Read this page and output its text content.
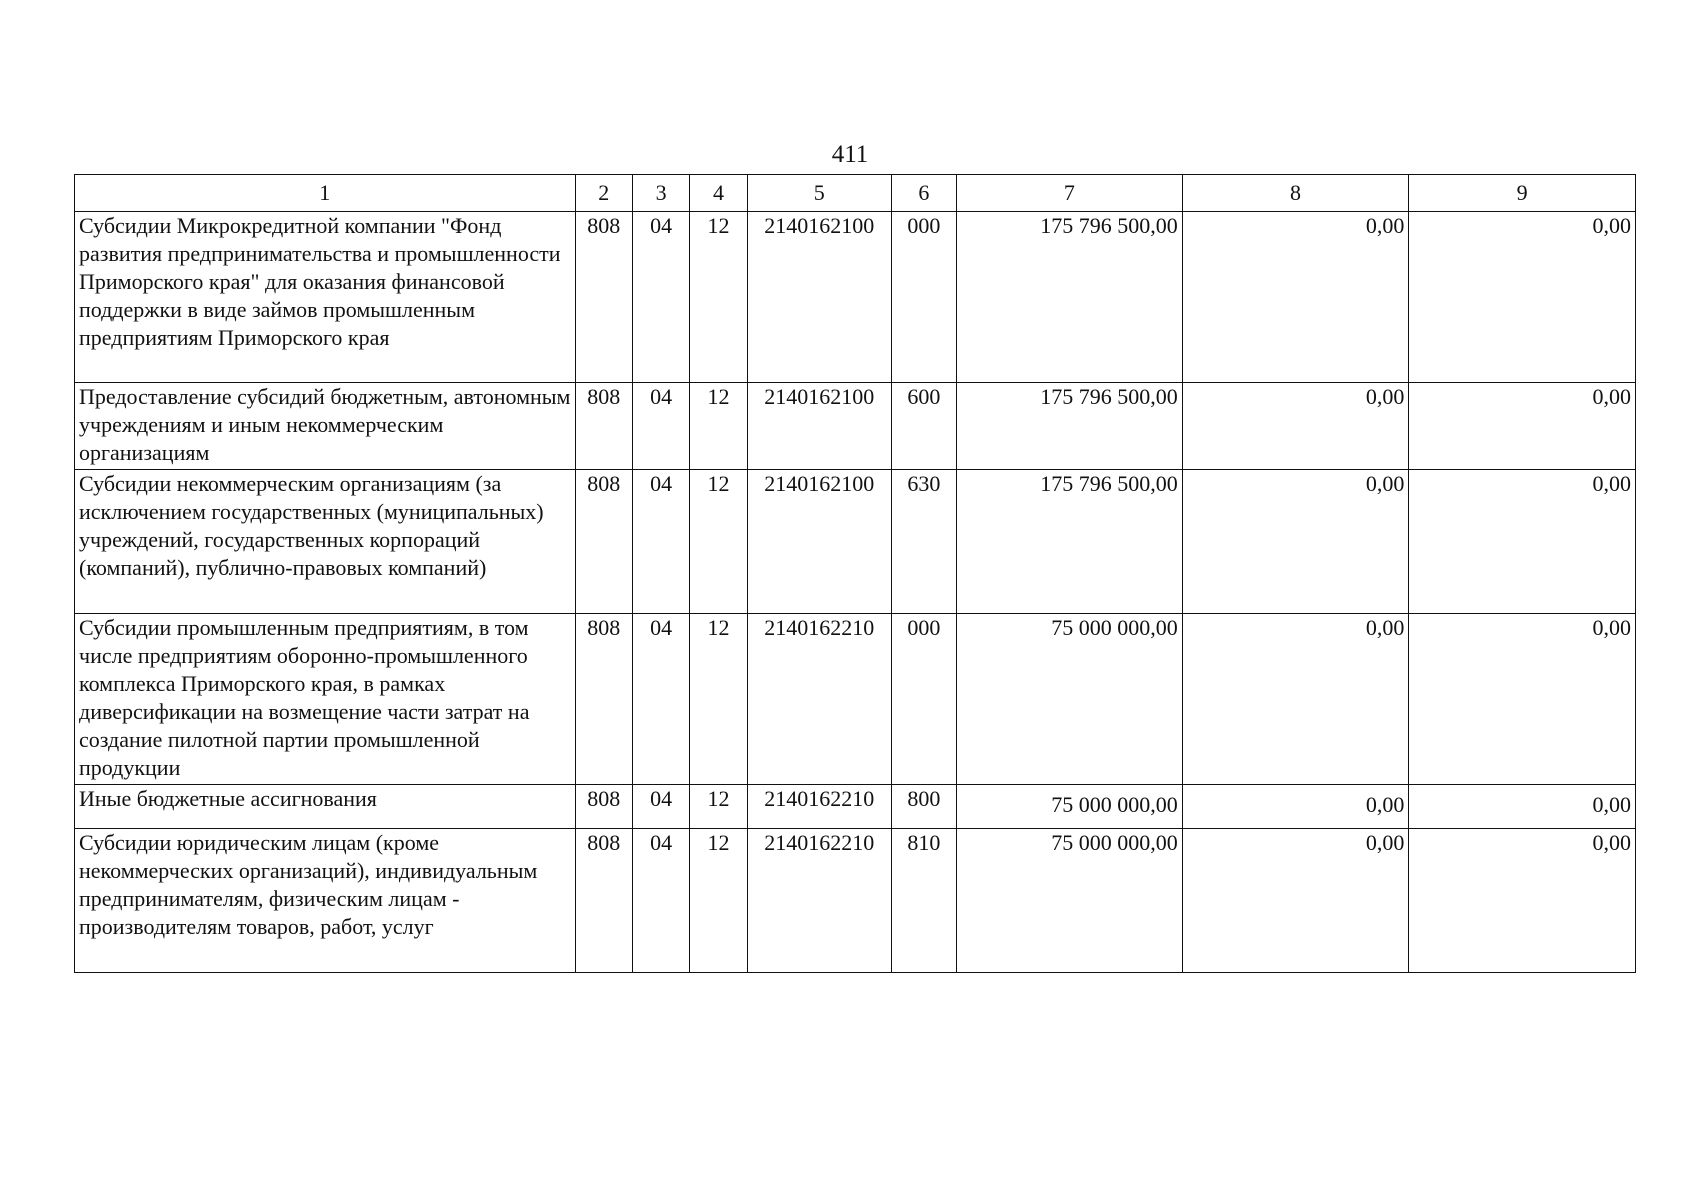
411
1	2	3	4	5	6	7	8	9
Субсидии Микрокредитной компании "Фонд развития предпринимательства и промышленности Приморского края" для оказания финансовой поддержки в виде займов промышленным предприятиям Приморского края	808	04	12	2140162100	000	175 796 500,00	0,00	0,00
Предоставление субсидий бюджетным, автономным учреждениям и иным некоммерческим организациям	808	04	12	2140162100	600	175 796 500,00	0,00	0,00
Субсидии некоммерческим организациям (за исключением государственных (муниципальных) учреждений, государственных корпораций (компаний), публично-правовых компаний)	808	04	12	2140162100	630	175 796 500,00	0,00	0,00
Субсидии промышленным предприятиям, в том числе предприятиям оборонно-промышленного комплекса Приморского края, в рамках диверсификации на возмещение части затрат на создание пилотной партии промышленной продукции	808	04	12	2140162210	000	75 000 000,00	0,00	0,00
Иные бюджетные ассигнования	808	04	12	2140162210	800	75 000 000,00	0,00	0,00
Субсидии юридическим лицам (кроме некоммерческих организаций), индивидуальным предпринимателям, физическим лицам - производителям товаров, работ, услуг	808	04	12	2140162210	810	75 000 000,00	0,00	0,00
